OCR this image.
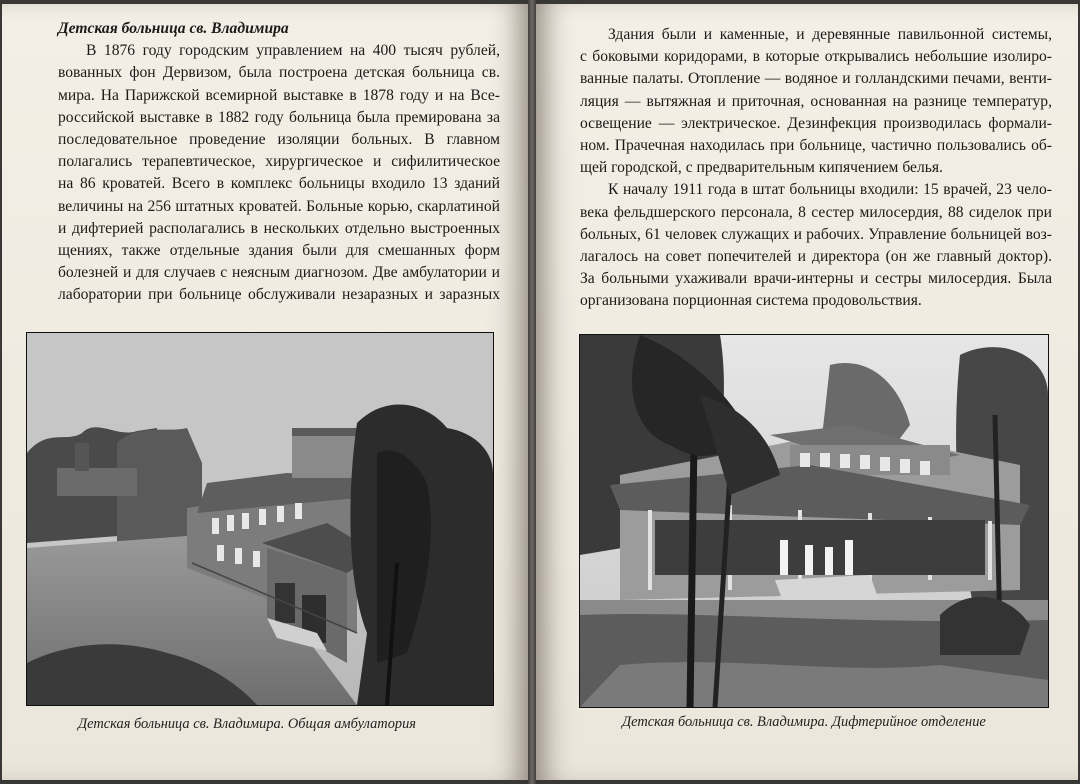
Детская больница св. Владимира
В 1876 году городским управлением на 400 тысяч рублей,
вованных фон Дервизом, была построена детская больница св.
мира. На Парижской всемирной выставке в 1878 году и на Все-
российской выставке в 1882 году больница была премирована за
последовательное проведение изоляции больных. В главном
полагались терапевтическое, хирургическое и сифилитическое
на 86 кроватей. Всего в комплекс больницы входило 13 зданий
величины на 256 штатных кроватей. Больные корью, скарлатиной
и дифтерией располагались в нескольких отдельно выстроенных
щениях, также отдельные здания были для смешанных форм
болезней и для случаев с неясным диагнозом. Две амбулатории и
лаборатории при больнице обслуживали незаразных и заразных
Детская больница св. Владимира. Общая амбулатория
Здания были и каменные, и деревянные павильонной системы,
с боковыми коридорами, в которые открывались небольшие изолиро-
ванные палаты. Отопление — водяное и голландскими печами, венти-
ляция — вытяжная и приточная, основанная на разнице температур,
освещение — электрическое. Дезинфекция производилась формали-
ном. Прачечная находилась при больнице, частично пользовались об-
щей городской, с предварительным кипячением белья.
К началу 1911 года в штат больницы входили: 15 врачей, 23 чело-
века фельдшерского персонала, 8 сестер милосердия, 88 сиделок при
больных, 61 человек служащих и рабочих. Управление больницей воз-
лагалось на совет попечителей и директора (он же главный доктор).
За больными ухаживали врачи-интерны и сестры милосердия. Была
организована порционная система продовольствия.
Детская больница св. Владимира. Дифтерийное отделение
